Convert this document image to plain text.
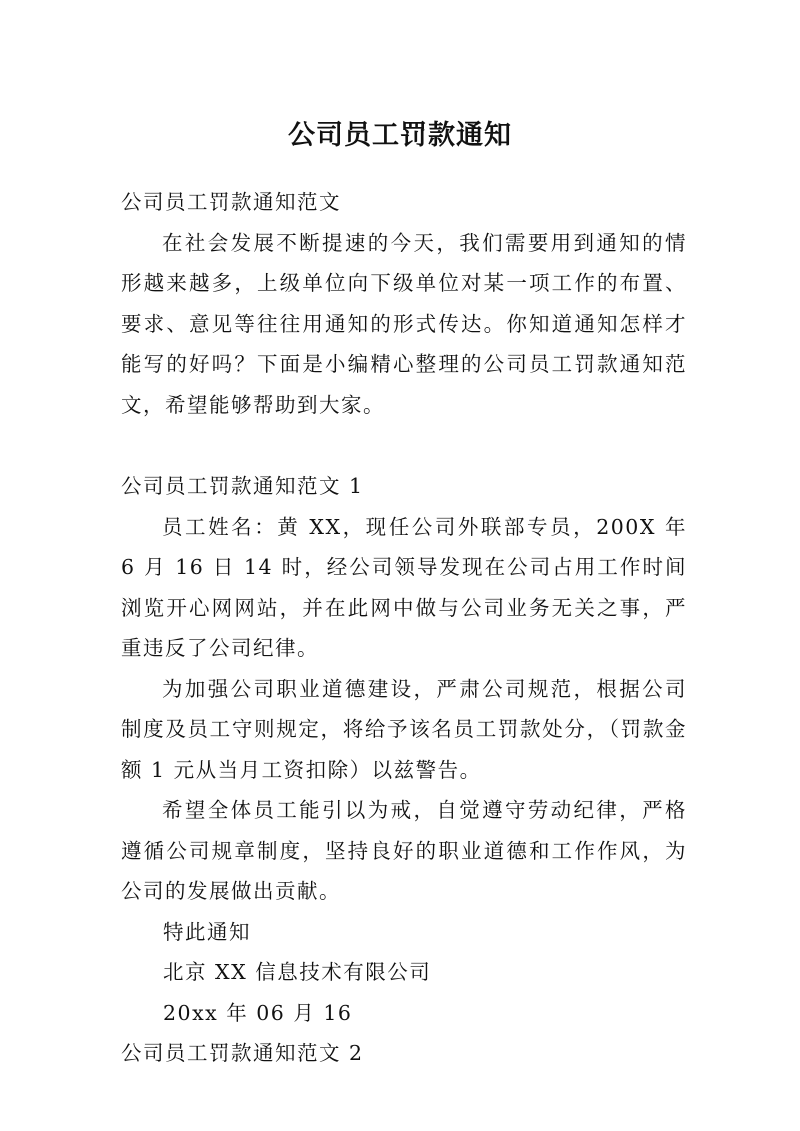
公司员工罚款通知

公司员工罚款通知范文

在社会发展不断提速的今天，我们需要用到通知的情形越来越多，上级单位向下级单位对某一项工作的布置、要求、意见等往往用通知的形式传达。你知道通知怎样才能写的好吗？下面是小编精心整理的公司员工罚款通知范文，希望能够帮助到大家。

公司员工罚款通知范文 1

员工姓名：黄 XX，现任公司外联部专员，200X 年 6 月 16 日 14 时，经公司领导发现在公司占用工作时间浏览开心网网站，并在此网中做与公司业务无关之事，严重违反了公司纪律。

为加强公司职业道德建设，严肃公司规范，根据公司制度及员工守则规定，将给予该名员工罚款处分，（罚款金额 1 元从当月工资扣除）以兹警告。

希望全体员工能引以为戒，自觉遵守劳动纪律，严格遵循公司规章制度，坚持良好的职业道德和工作作风，为公司的发展做出贡献。

特此通知

北京 XX 信息技术有限公司

20xx 年 06 月 16

公司员工罚款通知范文 2
